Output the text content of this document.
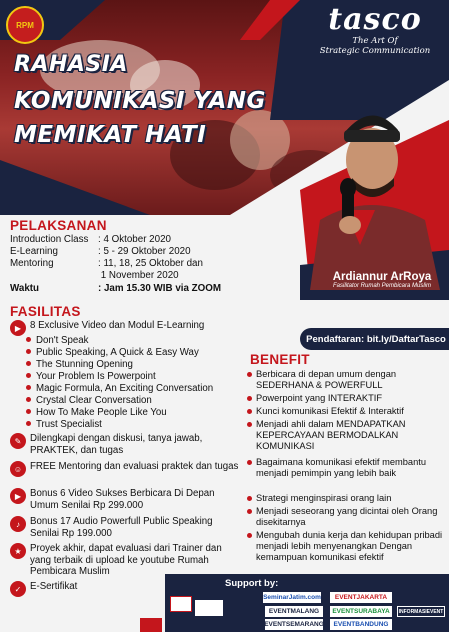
RPM	tasco
The Art Of
Strategic Communication
RAHASIA
KOMUNIKASI YANG
MEMIKAT HATI
Ardiannur ArRoya
Fasilitator Rumah Pembicara Muslim
Pendaftaran: bit.ly/DaftarTasco
PELAKSANAN
Introduction Class : 4 Oktober 2020
E-Learning	: 5 - 29 Oktober 2020
Mentoring	: 11, 18, 25 Oktober dan
1 November 2020
Waktu	: Jam 15.30 WIB via ZOOM
FASILITAS
▶ 8 Exclusive Video dan Modul E-Learning
Don't Speak
Public Speaking, A Quick & Easy Way
The Stunning Opening
Your Problem Is Powerpoint
Magic Formula, An Exciting Conversation
Crystal Clear Conversation
How To Make People Like You
Trust Specialist
✎ Dilengkapi dengan diskusi, tanya jawab, PRAKTEK, dan tugas
☺ FREE Mentoring dan evaluasi praktek dan tugas
▶ Bonus 6 Video Sukses Berbicara Di Depan Umum Senilai Rp 299.000
♪	Bonus 17 Audio Powerfull Public Speaking Senilai Rp 199.000
★ Proyek akhir, dapat evaluasi dari Trainer dan yang terbaik di upload ke youtube Rumah Pembicara Muslim
✓ E-Sertifikat
BENEFIT
Berbicara di depan umum dengan SEDERHANA & POWERFULL
Powerpoint yang INTERAKTIF
Kunci komunikasi Efektif & Interaktif
Menjadi ahli dalam MENDAPATKAN KEPERCAYAAN BERMODALKAN KOMUNIKASI
Bagaimana komunikasi efektif membantu menjadi pemimpin yang lebih baik
Strategi menginspirasi orang lain
Menjadi seseorang yang dicintai oleh Orang disekitarnya
Mengubah dunia kerja dan kehidupan pribadi menjadi lebih menyenangkan Dengan kemampuan komunikasi efektif
Support by:
SeminarJatim.com
EVENTMALANG
EVENTSEMARANG
EVENTJAKARTA
EVENTSURABAYA
EVENTBANDUNG
INFORMASIEVENT
